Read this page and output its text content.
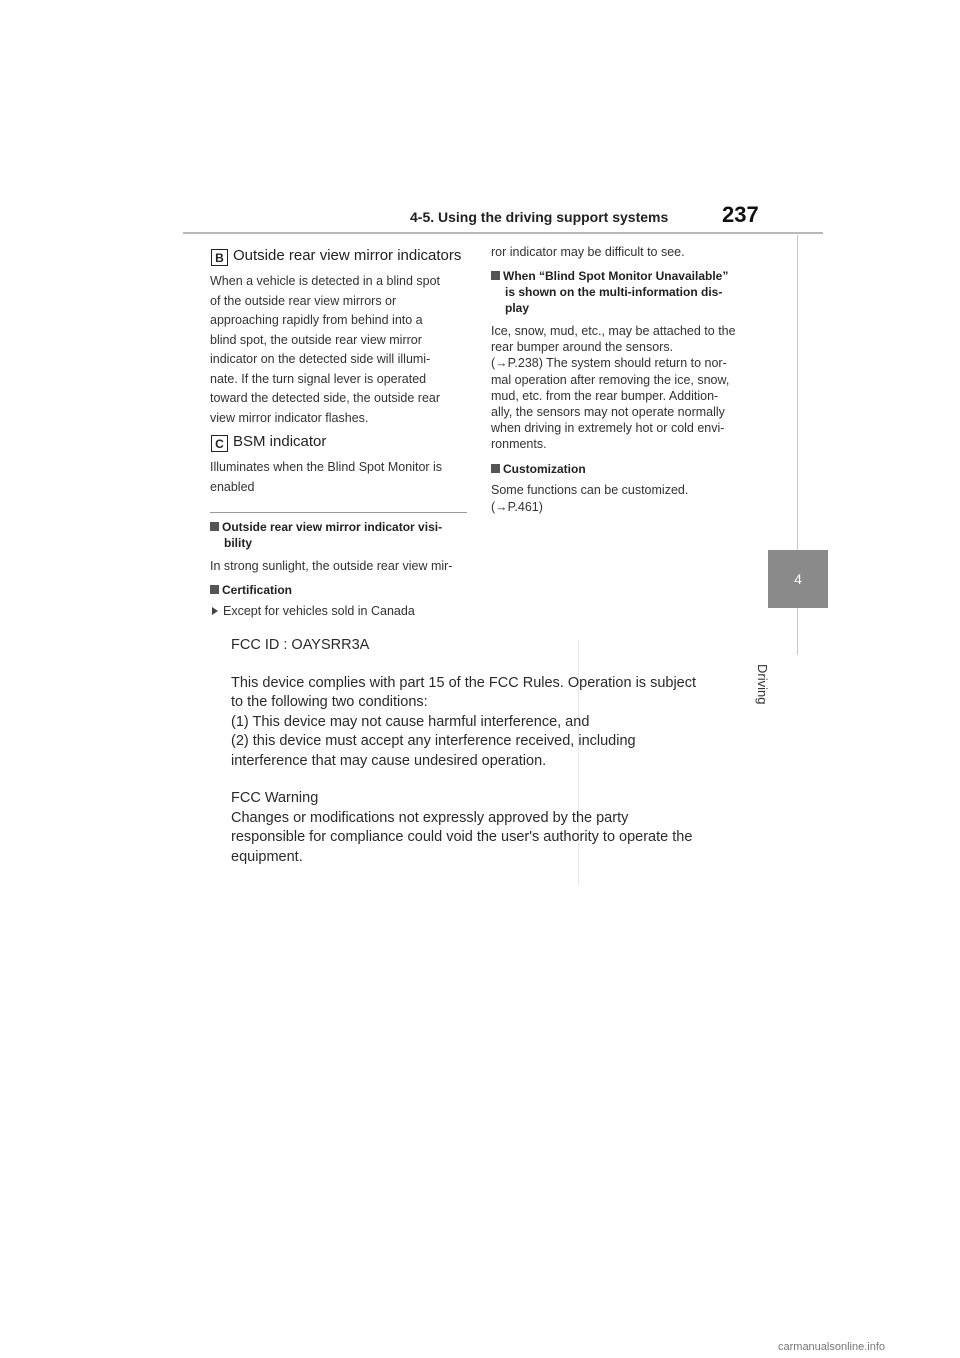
4-5. Using the driving support systems 237
4
Driving
B Outside rear view mirror indicators
When a vehicle is detected in a blind spot
of the outside rear view mirrors or
approaching rapidly from behind into a
blind spot, the outside rear view mirror
indicator on the detected side will illumi-
nate. If the turn signal lever is operated
toward the detected side, the outside rear
view mirror indicator flashes.
C BSM indicator
Illuminates when the Blind Spot Monitor is
enabled
Outside rear view mirror indicator visi-
bility
In strong sunlight, the outside rear view mir-
Certification
Except for vehicles sold in Canada
ror indicator may be difficult to see.
When “Blind Spot Monitor Unavailable”
is shown on the multi-information dis-
play
Ice, snow, mud, etc., may be attached to the
rear bumper around the sensors.
(→P.238) The system should return to nor-
mal operation after removing the ice, snow,
mud, etc. from the rear bumper. Addition-
ally, the sensors may not operate normally
when driving in extremely hot or cold envi-
ronments.
Customization
Some functions can be customized.
(→P.461)

FCC ID : OAYSRR3A

This device complies with part 15 of the FCC Rules. Operation is subject

to the following two conditions:

(1) This device may not cause harmful interference, and

(2) this device must accept any interference received, including

interference that may cause undesired operation.

FCC Warning

Changes or modifications not expressly approved by the party

responsible for compliance could void the user's authority to operate the

equipment.

carmanualsonline.info
